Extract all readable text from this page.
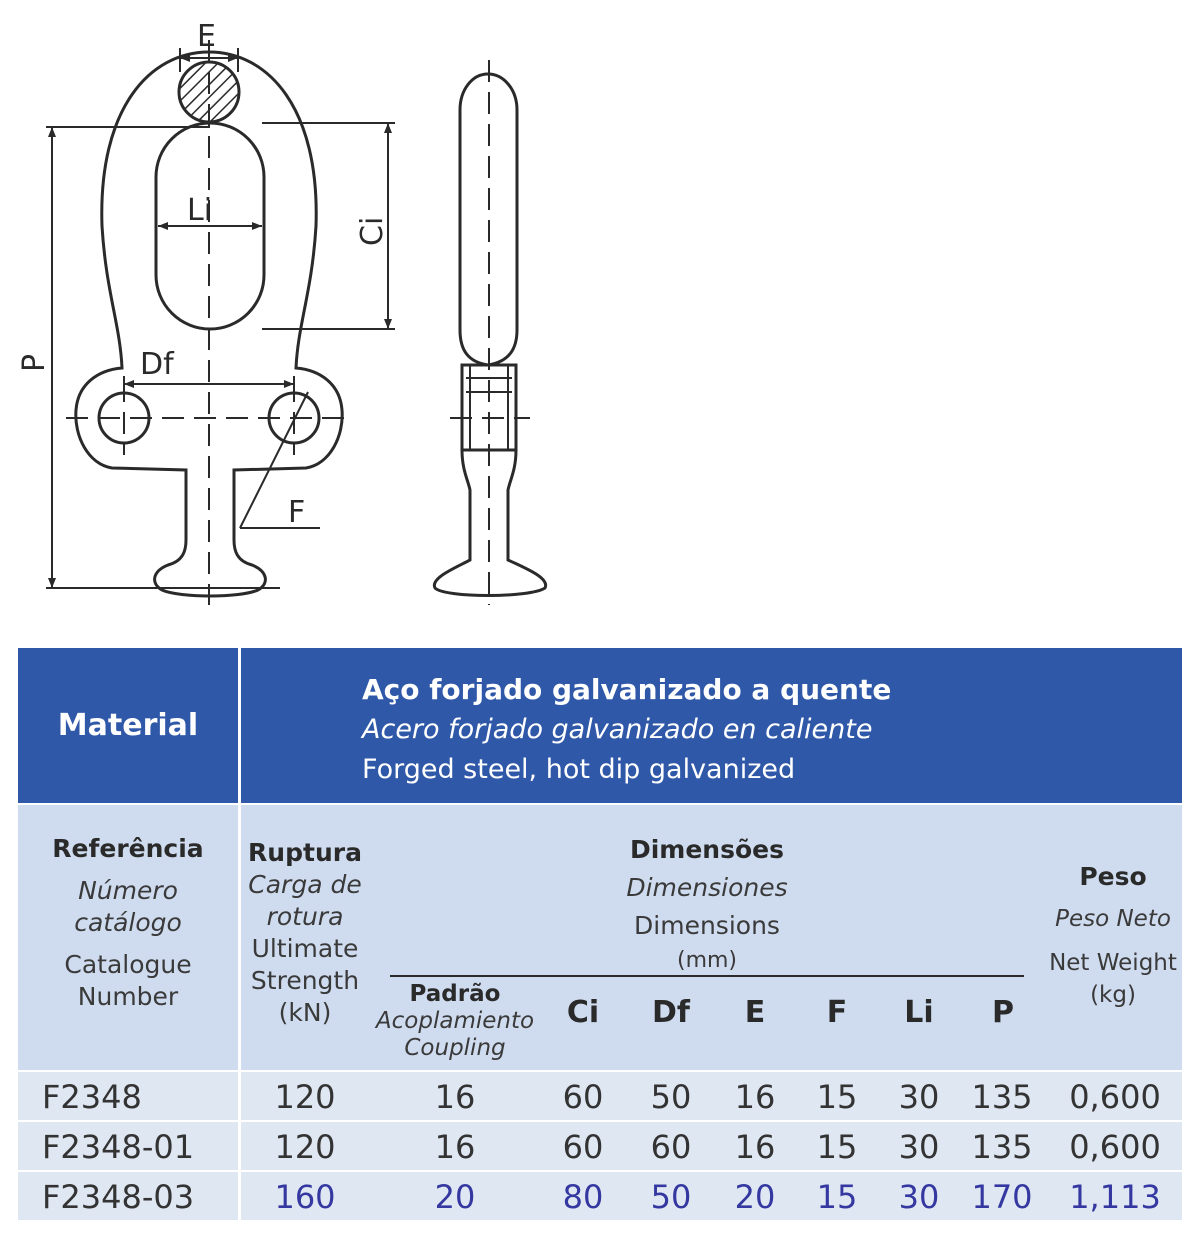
E
Li
Ci
P	Df
F
Material
Aço forjado galvanizado a quente
Acero forjado galvanizado en caliente
Forged steel, hot dip galvanized
Referência
Número
catálogo
Catalogue
Number
Ruptura
Carga de
rotura
Ultimate
Strength
(kN)
Dimensões
Dimensiones
Dimensions
(mm)
Padrão
Acoplamiento
Coupling
Ci	Df	E	F	Li	P
Peso
Peso Neto
Net Weight
(kg)
F2348	120	16	60	50	16	15	30	135	0,600
F2348-01	120	16	60	60	16	15	30	135	0,600
F2348-03	160	20	80	50	20	15	30	170	1,113
